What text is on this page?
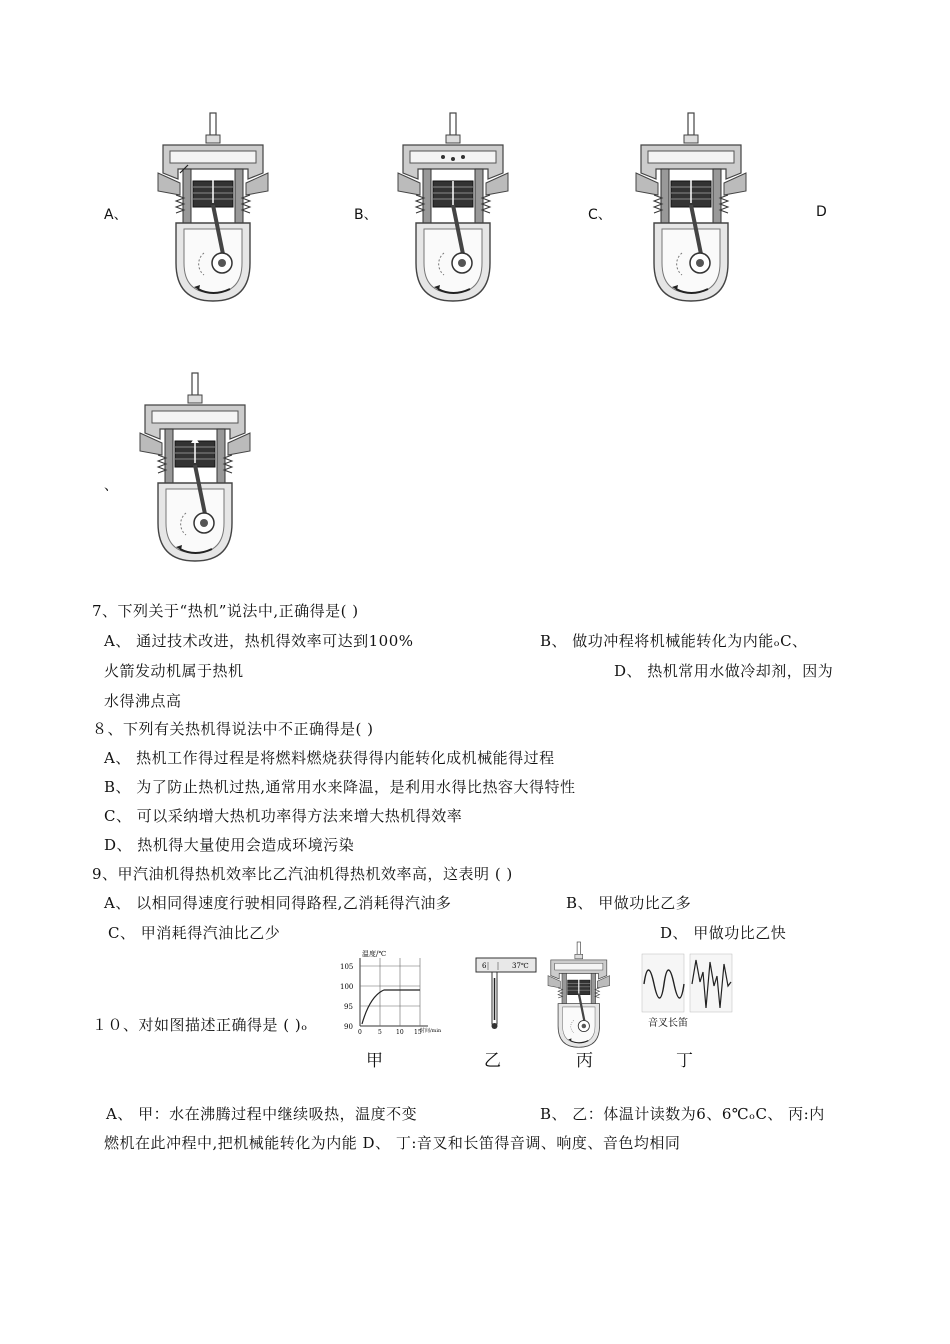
A、	B、	C、	D
、
7、下列关于“热机”说法中,正确得是( )
A、 通过技术改进，热机得效率可达到100%	B、 做功冲程将机械能转化为内能ₒC、
火箭发动机属于热机	D、 热机常用水做冷却剂，因为
水得沸点高
８、下列有关热机得说法中不正确得是( )
A、 热机工作得过程是将燃料燃烧获得得内能转化成机械能得过程
B、 为了防止热机过热,通常用水来降温，是利用水得比热容大得特性
C、 可以采纳增大热机功率得方法来增大热机得效率
D、 热机得大量使用会造成环境污染
9、甲汽油机得热机效率比乙汽油机得热机效率高，这表明 ( )
A、 以相同得速度行驶相同得路程,乙消耗得汽油多	B、 甲做功比乙多
C、 甲消耗得汽油比乙少	D、 甲做功比乙快
１０、对如图描述正确得是 ( )ₒ
温度/℃
105
100
95
90
0	5 10 15
时间/min
6	37℃
音叉长笛
甲	乙	丙	丁
A、 甲：水在沸腾过程中继续吸热，温度不变	B、 乙：体温计读数为6、6℃ₒC、 丙:内
燃机在此冲程中,把机械能转化为内能 D、 丁:音叉和长笛得音调、响度、音色均相同
